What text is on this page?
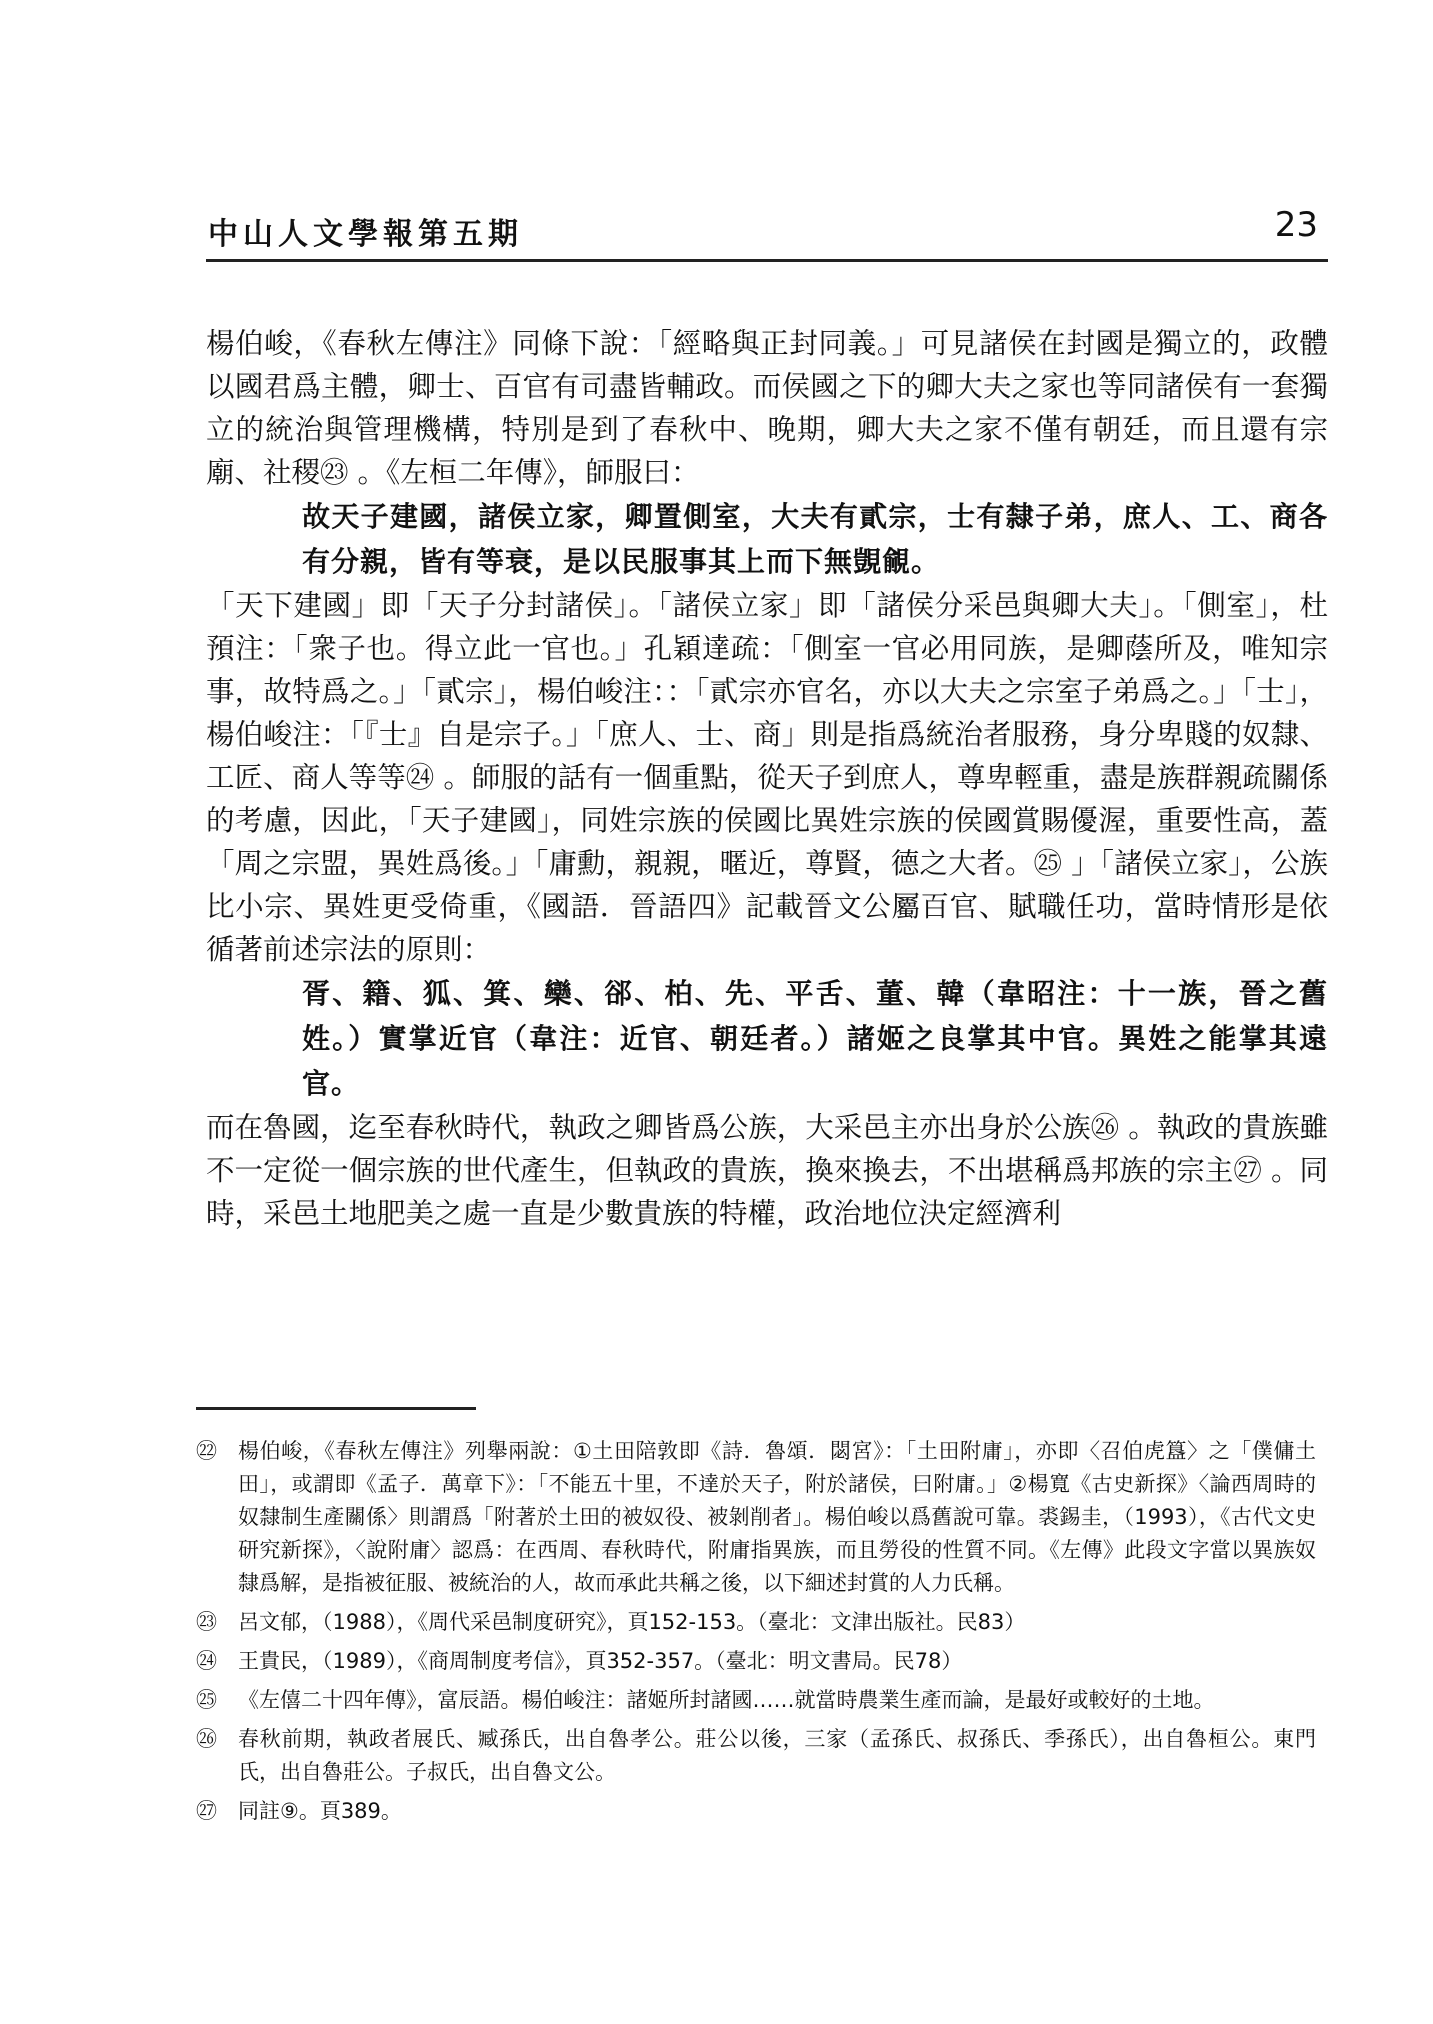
中山人文學報第五期	23

楊伯峻，《春秋左傳注》同條下說：「經略與正封同義。」可見諸侯在封國是獨立的，政體以國君爲主體，卿士、百官有司盡皆輔政。而侯國之下的卿大夫之家也等同諸侯有一套獨立的統治與管理機構，特別是到了春秋中、晚期，卿大夫之家不僅有朝廷，而且還有宗廟、社稷㉓ 。《左桓二年傳》，師服曰：

故天子建國，諸侯立家，卿置側室，大夫有貳宗，士有隸子弟，庶人、工、商各有分親，皆有等衰，是以民服事其上而下無覬覦。

「天下建國」即「天子分封諸侯」。「諸侯立家」即「諸侯分采邑與卿大夫」。「側室」，杜預注：「衆子也。得立此一官也。」孔穎達疏：「側室一官必用同族，是卿蔭所及，唯知宗事，故特爲之。」「貳宗」，楊伯峻注：：「貳宗亦官名，亦以大夫之宗室子弟爲之。」「士」，楊伯峻注：「『士』自是宗子。」「庶人、士、商」則是指爲統治者服務，身分卑賤的奴隸、工匠、商人等等㉔ 。師服的話有一個重點，從天子到庶人，尊卑輕重，盡是族群親疏關係的考慮，因此，「天子建國」，同姓宗族的侯國比異姓宗族的侯國賞賜優渥，重要性高，蓋「周之宗盟，異姓爲後。」「庸勳，親親，暱近，尊賢，德之大者。㉕ 」「諸侯立家」，公族比小宗、異姓更受倚重，《國語．晉語四》記載晉文公屬百官、賦職任功，當時情形是依循著前述宗法的原則：

胥、籍、狐、箕、欒、郤、柏、先、平舌、董、韓（韋昭注：十一族，晉之舊姓。）實掌近官（韋注：近官、朝廷者。）諸姬之良掌其中官。異姓之能掌其遠官。

而在魯國，迄至春秋時代，執政之卿皆爲公族，大采邑主亦出身於公族㉖ 。執政的貴族雖不一定從一個宗族的世代產生，但執政的貴族，換來換去，不出堪稱爲邦族的宗主㉗ 。同時，采邑土地肥美之處一直是少數貴族的特權，政治地位決定經濟利

㉒	楊伯峻，《春秋左傳注》列舉兩說：①土田陪敦即《詩．魯頌．閟宮》：「土田附庸」，亦即〈召伯虎簋〉之「僕傭土田」，或謂即《孟子．萬章下》：「不能五十里，不達於天子，附於諸侯，曰附庸。」②楊寬《古史新探》〈論西周時的奴隸制生產關係〉則謂爲「附著於土田的被奴役、被剝削者」。楊伯峻以爲舊說可靠。裘錫圭，（1993），《古代文史研究新探》，〈說附庸〉認爲：在西周、春秋時代，附庸指異族，而且勞役的性質不同。《左傳》此段文字當以異族奴隸爲解，是指被征服、被統治的人，故而承此共稱之後，以下細述封賞的人力氏稱。
㉓	呂文郁，（1988），《周代采邑制度研究》，頁152-153。（臺北：文津出版社。民83）
㉔	王貴民，（1989），《商周制度考信》，頁352-357。（臺北：明文書局。民78）
㉕	《左僖二十四年傳》，富辰語。楊伯峻注：諸姬所封諸國……就當時農業生產而論，是最好或較好的土地。
㉖	春秋前期，執政者展氏、臧孫氏，出自魯孝公。莊公以後，三家（孟孫氏、叔孫氏、季孫氏），出自魯桓公。東門氏，出自魯莊公。子叔氏，出自魯文公。
㉗	同註⑨。頁389。
